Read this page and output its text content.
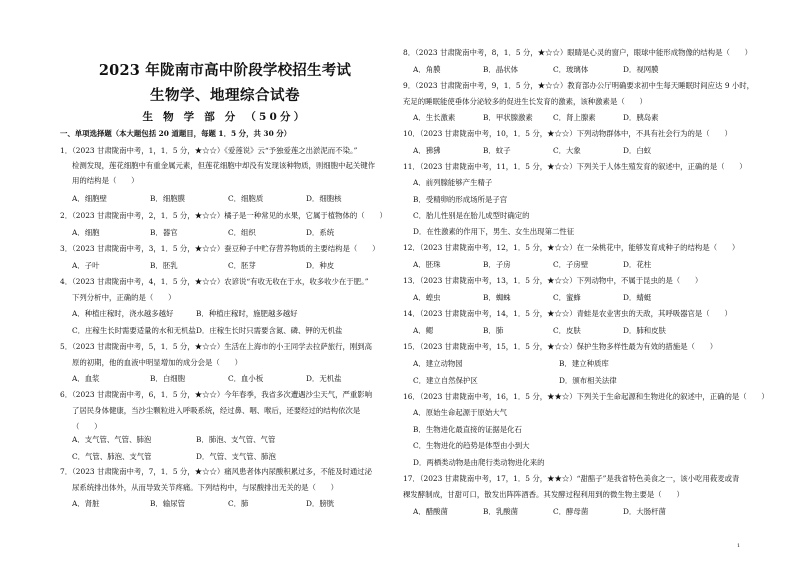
2023 年陇南市高中阶段学校招生考试
生物学、地理综合试卷
生 物 学 部 分 （50分）
一、单项选择题（本大题包括 20 道题目，每题 1．5 分，共 30 分）
1．（2023 甘肃陇南中考，1，1．5 分，★☆☆）《爱莲说》云“予独爱莲之出淤泥而不染。”
检测发现，莲花细胞中有重金属元素，但莲花细胞中却没有发现该种物质，则细胞中起关键作
用的结构是（　　）
A．细胞壁	B．细胞膜	C．细胞质	D．细胞核
2．（2023 甘肃陇南中考，2，1．5 分，★☆☆）橘子是一种常见的水果，它属于植物体的（　　）
A．细胞	B．器官	C．组织	D．系统
3．（2023 甘肃陇南中考，3，1．5 分，★☆☆）蚕豆种子中贮存营养物质的主要结构是（　　）
A．子叶	B．胚乳	C．胚芽	D．种皮
4．（2023 甘肃陇南中考，4，1．5 分，★☆☆）农谚说“有收无收在于水，收多收少在于肥。”
下列分析中，正确的是（　　）
A．种植庄稼时，浇水越多越好	B．种植庄稼时，施肥越多越好
C．庄稼生长时需要适量的水和无机盐D．庄稼生长时只需要含氮、磷、钾的无机盐
5．（2023 甘肃陇南中考，5，1．5 分，★☆☆）生活在上海市的小王同学去拉萨旅行，刚到高
原的初期，他的血液中明显增加的成分会是（　　）
A．血浆	B．白细胞	C．血小板	D．无机盐
6．（2023 甘肃陇南中考，6，1．5 分，★☆☆）今年春季，我省多次遭遇沙尘天气，严重影响
了居民身体健康，当沙尘颗粒进入呼吸系统，经过鼻、咽、喉后，还要经过的结构依次是
（　　）
A．支气管、气管、肺泡	B．肺泡、支气管、气管
C．气管、肺泡、支气管	D．气管、支气管、肺泡
7．（2023 甘肃陇南中考，7，1．5 分，★☆☆）痛风患者体内尿酸积累过多，不能及时通过泌
尿系统排出体外，从而导致关节疼痛。下列结构中，与尿酸排出无关的是（　　）
A．肾脏	B．输尿管	C．肺	D．膀胱
8．（2023 甘肃陇南中考，8，1．5 分，★☆☆）眼睛是心灵的窗户，眼球中能形成物像的结构是（　　）
A．角膜	B．晶状体	C．玻璃体	D．视网膜
9．（2023 甘肃陇南中考，9，1．5 分，★☆☆）教育部办公厅明确要求初中生每天睡眠时间应达 9 小时，
充足的睡眠能使垂体分泌较多的促进生长发育的激素，该种激素是（　　）
A．生长激素	B．甲状腺激素	C．肾上腺素	D．胰岛素
10．（2023 甘肃陇南中考，10，1．5 分，★☆☆）下列动物群体中，不具有社会行为的是（　　）
A．狒狒	B．蚊子	C．大象	D．白蚁
11．（2023 甘肃陇南中考，11，1．5 分，★☆☆）下列关于人体生殖发育的叙述中，正确的是（　　）
A．前列腺能够产生精子
B．受精卵的形成场所是子宫
C．胎儿性别是在胎儿成型时确定的
D．在性激素的作用下，男生、女生出现第二性征
12．（2023 甘肃陇南中考，12，1．5 分，★☆☆）在一朵桃花中，能够发育成种子的结构是（　　）
A．胚珠	B．子房	C．子房壁	D．花柱
13．（2023 甘肃陇南中考，13，1．5 分，★☆☆）下列动物中，不属于昆虫的是（　　）
A．蝗虫	B．蜘蛛	C．蜜蜂	D．蜻蜓
14．（2023 甘肃陇南中考，14，1．5 分，★☆☆）青蛙是农业害虫的天敌，其呼吸器官是（　　）
A．鳃	B．肺	C．皮肤	D．肺和皮肤
15．（2023 甘肃陇南中考，15，1．5 分，★☆☆）保护生物多样性最为有效的措施是（　　）
A．建立动物园	B．建立种质库
C．建立自然保护区	D．颁布相关法律
16．（2023 甘肃陇南中考，16，1．5 分，★★☆）下列关于生命起源和生物进化的叙述中，正确的是（　　）
A．原始生命起源于原始大气
B．生物进化最直接的证据是化石
C．生物进化的趋势是体型由小到大
D．两栖类动物是由爬行类动物进化来的
17．（2023 甘肃陇南中考，17，1．5 分，★★☆）“甜醅子”是我省特色美食之一，该小吃用莜麦或青
稞发酵制成，甘甜可口，散发出阵阵酒香。其发酵过程利用到的微生物主要是（　　）
A．醋酸菌	B．乳酸菌	C．酵母菌	D．大肠杆菌
1
